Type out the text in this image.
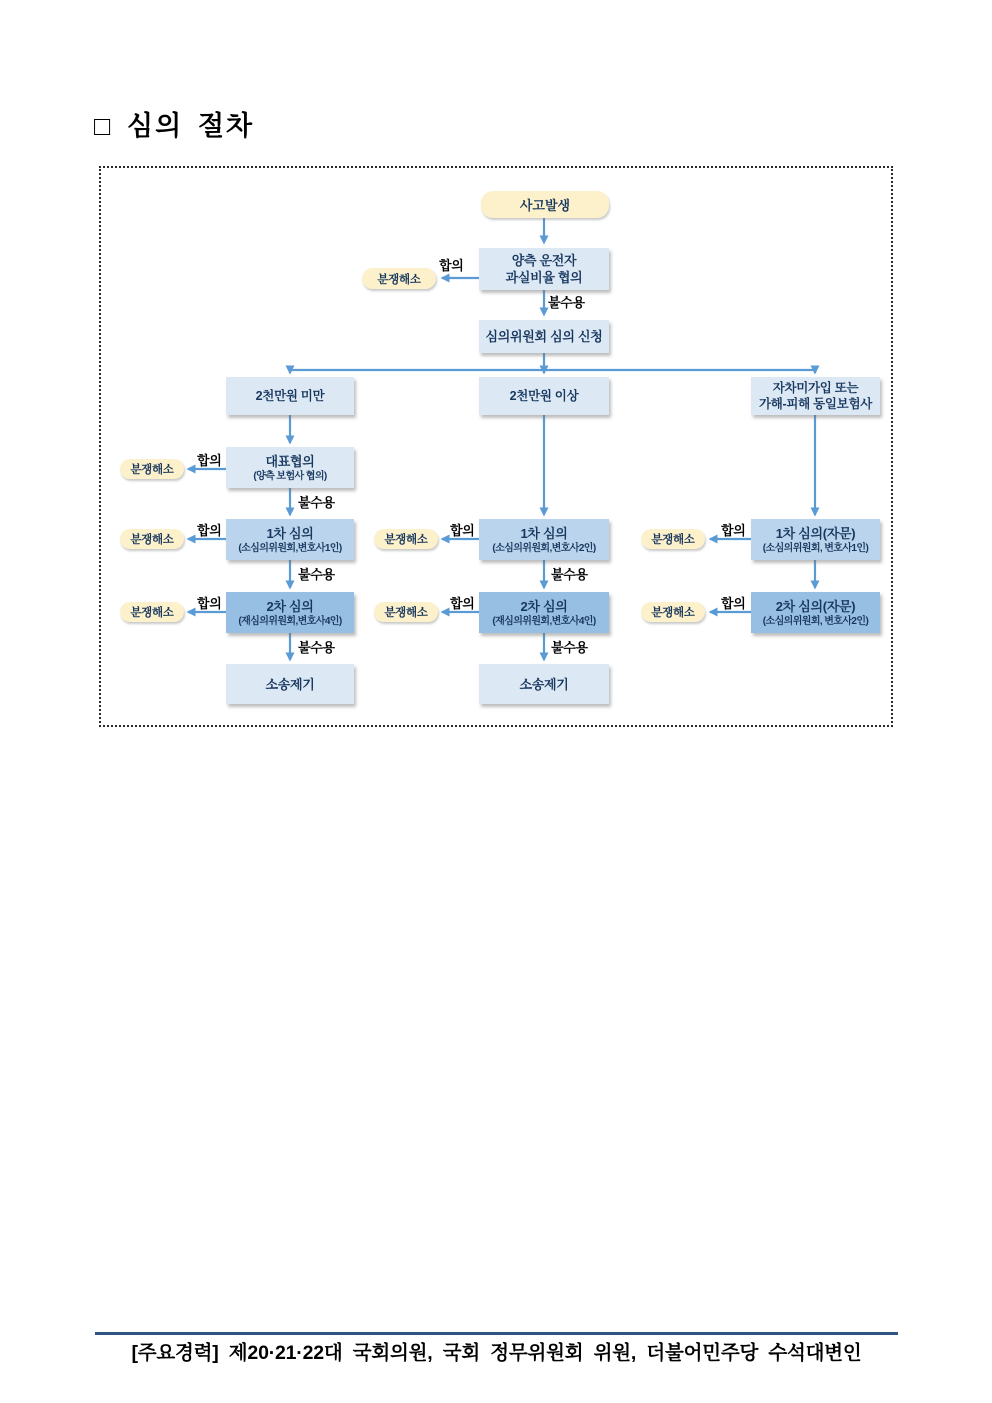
□ 심의 절차
사고발생
양측 운전자
과실비율 협의
합의
분쟁해소
불수용
심의위원회 심의 신청
2천만원 미만	2천만원 이상
자차미가입 또는
가해-피해 동일보험사
대표협의
(양측 보험사 협의)
합의
분쟁해소
불수용
1차 심의
(소심의위원회,변호사1인)
합의
분쟁해소
불수용
2차 심의
(재심의위원회,변호사4인)
합의
분쟁해소
불수용
소송제기
1차 심의
(소심의위원회,변호사2인)
합의
분쟁해소
불수용
2차 심의
(재심의위원회,변호사4인)
합의
분쟁해소
불수용
소송제기
1차 심의(자문)
(소심의위원회, 변호사1인)
합의
분쟁해소
2차 심의(자문)
(소심의위원회, 변호사2인)
합의
분쟁해소
[주요경력] 제20·21·22대 국회의원, 국회 정무위원회 위원, 더불어민주당 수석대변인
